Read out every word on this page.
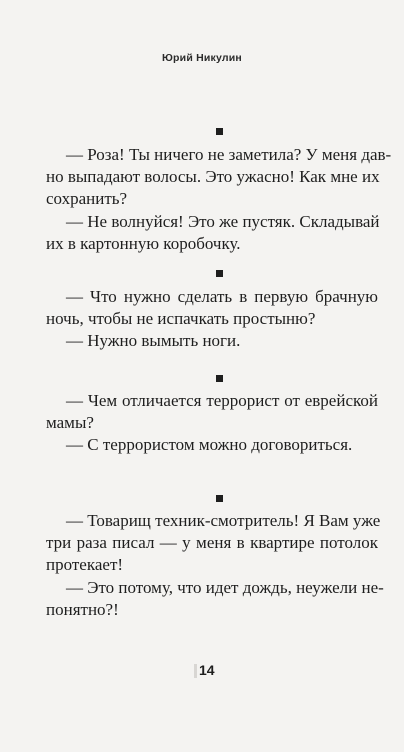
Юрий Никулин
— Роза! Ты ничего не заметила? У меня дав-
но выпадают волосы. Это ужасно! Как мне их
сохранить?
— Не волнуйся! Это же пустяк. Складывай
их в картонную коробочку.
— Что нужно сделать в первую брачную
ночь, чтобы не испачкать простыню?
— Нужно вымыть ноги.
— Чем отличается террорист от еврейской
мамы?
— С террористом можно договориться.
— Товарищ техник-смотритель! Я Вам уже
три раза писал — у меня в квартире потолок
протекает!
— Это потому, что идет дождь, неужели не-
понятно?!
14
